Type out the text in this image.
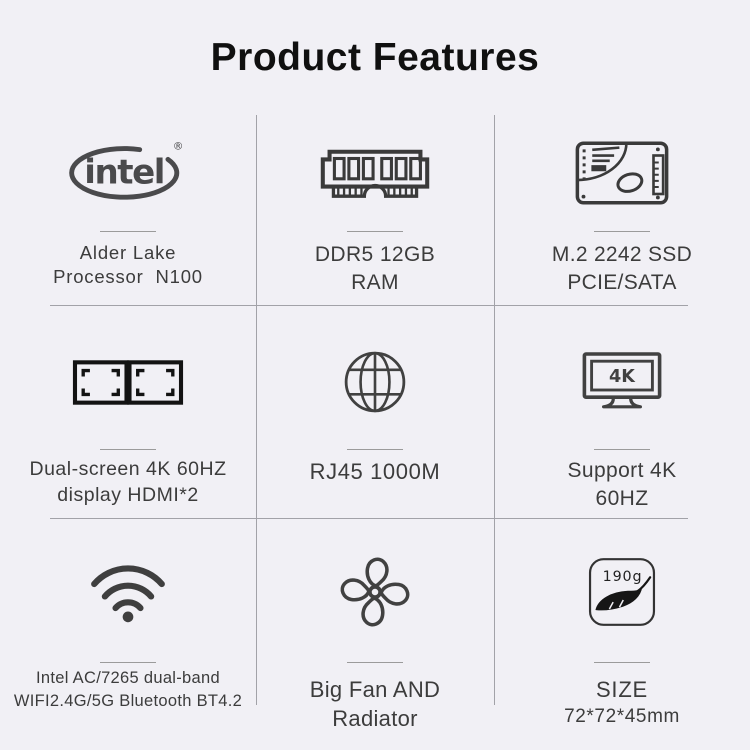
Product Features
intel
®
Alder Lake
Processor  N100
DDR5 12GB
RAM
M.2 2242 SSD
PCIE/SATA
Dual-screen 4K 60HZ
display HDMI*2
RJ45 1000M
4K
Support 4K
60HZ
Intel AC/7265 dual-band
WIFI2.4G/5G Bluetooth BT4.2	Big Fan AND
Radiator
190g
SIZE
72*72*45mm
